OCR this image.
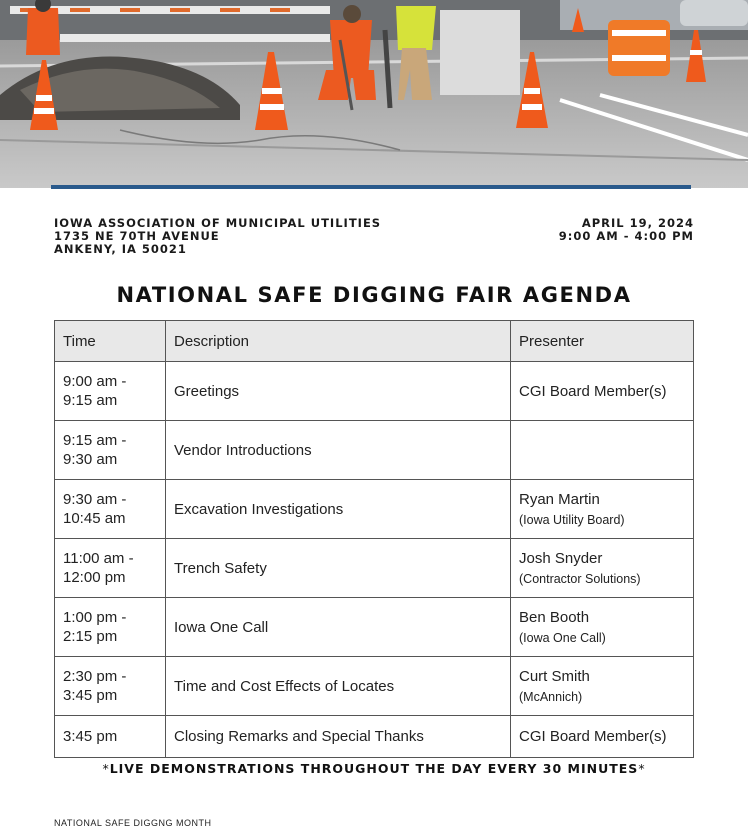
IOWA ASSOCIATION OF MUNICIPAL UTILITIES
1735 NE 70TH AVENUE
ANKENY, IA 50021
APRIL 19, 2024
9:00 AM - 4:00 PM
NATIONAL SAFE DIGGING FAIR AGENDA
Time	Description	Presenter
9:00 am -
9:15 am	Greetings	CGI Board Member(s)
9:15 am -
9:30 am	Vendor Introductions	
9:30 am -
10:45 am	Excavation Investigations	Ryan Martin
(Iowa Utility Board)

11:00 am -
12:00 pm	Trench Safety	Josh Snyder
(Contractor Solutions)

1:00 pm -
2:15 pm	Iowa One Call	Ben Booth
(Iowa One Call)

2:30 pm -
3:45 pm	Time and Cost Effects of Locates	Curt Smith
(McAnnich)

3:45 pm	Closing Remarks and Special Thanks	CGI Board Member(s)
*LIVE DEMONSTRATIONS THROUGHOUT THE DAY EVERY 30 MINUTES*
NATIONAL SAFE DIGGNG MONTH
